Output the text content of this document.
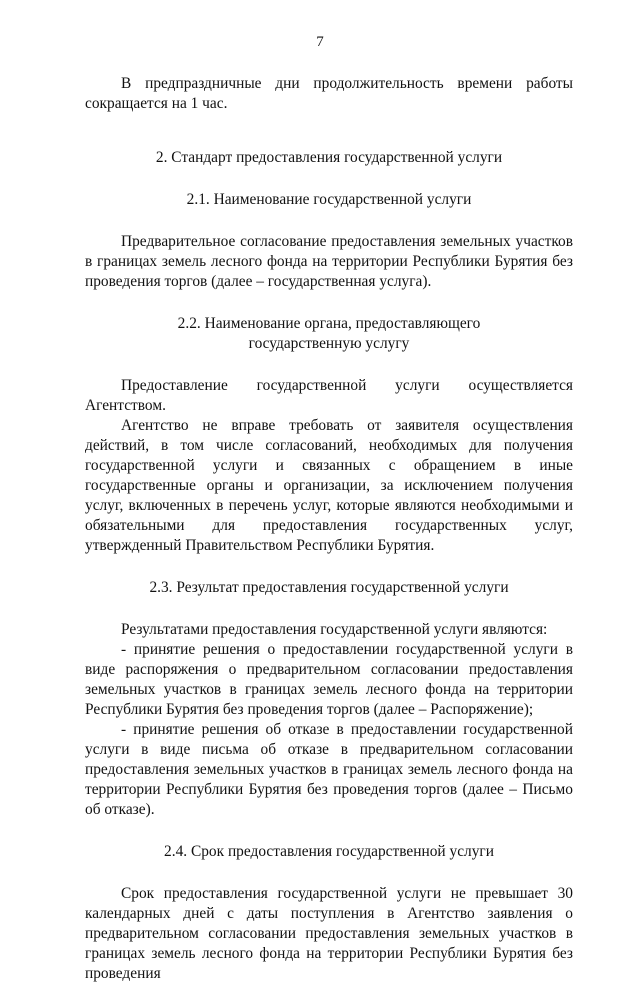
7

В предпраздничные дни продолжительность времени работы сокращается на 1 час.

2. Стандарт предоставления государственной услуги

2.1. Наименование государственной услуги

Предварительное согласование предоставления земельных участков в границах земель лесного фонда на территории Республики Бурятия без проведения торгов (далее – государственная услуга).

2.2. Наименование органа, предоставляющего
государственную услугу

Предоставление государственной услуги осуществляется Агентством.

Агентство не вправе требовать от заявителя осуществления действий, в том числе согласований, необходимых для получения государственной услуги и связанных с обращением в иные государственные органы и организации, за исключением получения услуг, включенных в перечень услуг, которые являются необходимыми и обязательными для предоставления государственных услуг, утвержденный Правительством Республики Бурятия.

2.3. Результат предоставления государственной услуги

Результатами предоставления государственной услуги являются:

- принятие решения о предоставлении государственной услуги в виде распоряжения о предварительном согласовании предоставления земельных участков в границах земель лесного фонда на территории Республики Бурятия без проведения торгов (далее – Распоряжение);

- принятие решения об отказе в предоставлении государственной услуги в виде письма об отказе в предварительном согласовании предоставления земельных участков в границах земель лесного фонда на территории Республики Бурятия без проведения торгов (далее – Письмо об отказе).

2.4. Срок предоставления государственной услуги

Срок предоставления государственной услуги не превышает 30 календарных дней с даты поступления в Агентство заявления о предварительном согласовании предоставления земельных участков в границах земель лесного фонда на территории Республики Бурятия без проведения
